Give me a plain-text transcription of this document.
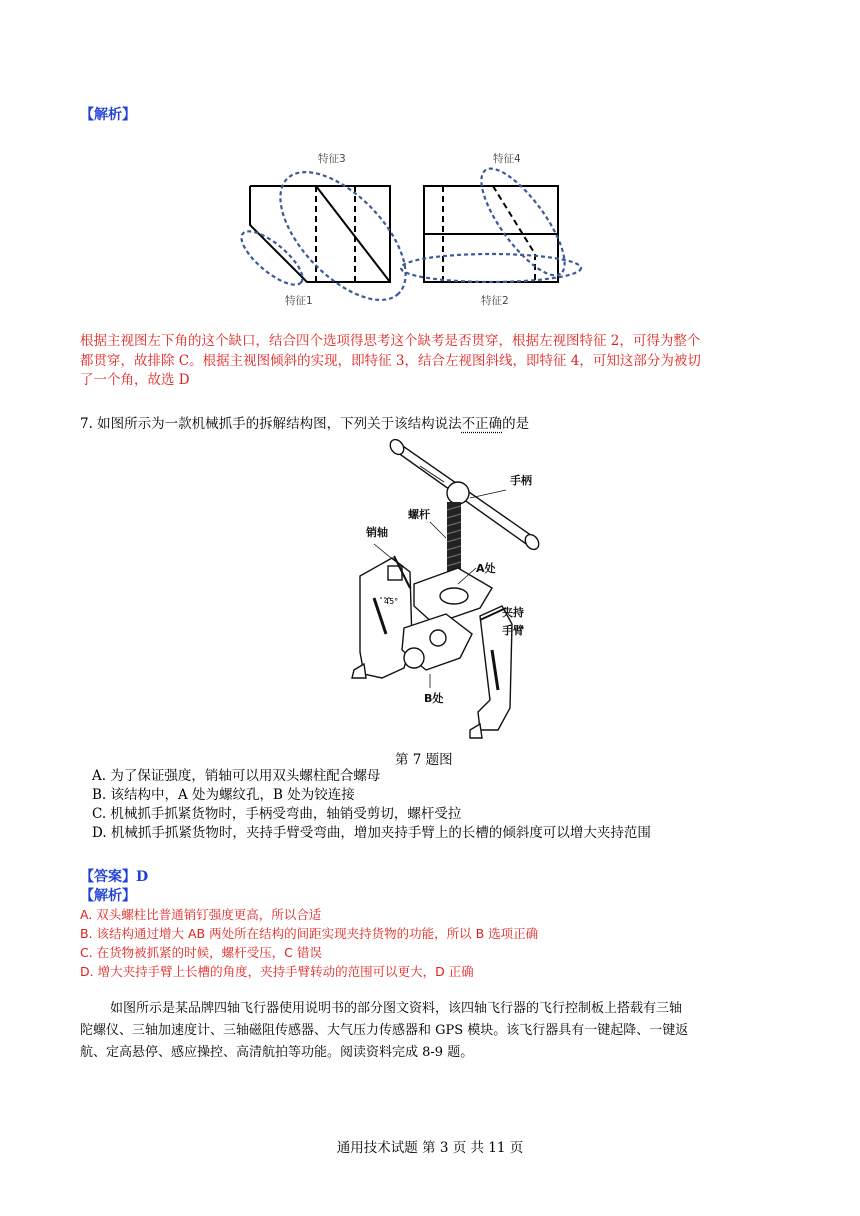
【解析】
特征3	特征4
特征1	特征2
根据主视图左下角的这个缺口，结合四个选项得思考这个缺考是否贯穿，根据左视图特征 2，可得为整个
都贯穿，故排除 C。根据主视图倾斜的实现，即特征 3，结合左视图斜线，即特征 4，可知这部分为被切
了一个角，故选 D
7. 如图所示为一款机械抓手的拆解结构图，下列关于该结构说法不正确的是
45°
手柄
螺杆
销轴
A处
夹持
手臂
B处
第 7 题图
A. 为了保证强度，销轴可以用双头螺柱配合螺母
B. 该结构中，A 处为螺纹孔，B 处为铰连接
C. 机械抓手抓紧货物时，手柄受弯曲，轴销受剪切，螺杆受拉
D. 机械抓手抓紧货物时，夹持手臂受弯曲，增加夹持手臂上的长槽的倾斜度可以增大夹持范围
【答案】D
【解析】
A. 双头螺柱比普通销钉强度更高，所以合适
B. 该结构通过增大 AB 两处所在结构的间距实现夹持货物的功能，所以 B 选项正确
C. 在货物被抓紧的时候，螺杆受压，C 错误
D. 增大夹持手臂上长槽的角度，夹持手臂转动的范围可以更大，D 正确
如图所示是某品牌四轴飞行器使用说明书的部分图文资料，该四轴飞行器的飞行控制板上搭载有三轴
陀螺仪、三轴加速度计、三轴磁阻传感器、大气压力传感器和 GPS 模块。该飞行器具有一键起降、一键返
航、定高悬停、感应操控、高清航拍等功能。阅读资料完成 8-9 题。
通用技术试题 第 3 页 共 11 页
